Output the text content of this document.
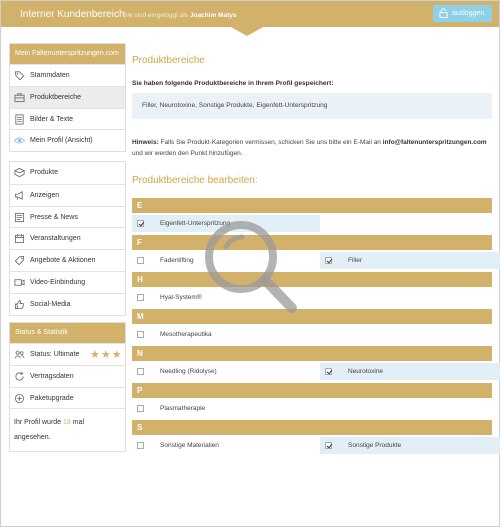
Interner Kundenbereich
Sie sind eingeloggt als Joachim Matys	ausloggen
Mein Faltenunterspritzungen.com
Stammdaten
Produktbereiche
Bilder & Texte
Mein Profil (Ansicht)
Produkte
Anzeigen
Presse & News
Veranstaltungen
Angebote & Aktionen
Video-Einbindung
Social-Media
Status & Statistik
Status: Ultimate ★★★
Vertragsdaten
Paketupgrade
Ihr Profil wurde 18 mal angesehen.
Produktbereiche
Sie haben folgende Produktbereiche in Ihrem Profil gespeichert:
Filler, Neurotoxine, Sonstige Produkte, Eigenfett-Unterspritzung
Hinweis: Falls Sie Produkt-Kategorien vermissen, schicken Sie uns bitte ein E-Mail an info@faltenunterspritzungen.com und wir werden den Punkt hinzufügen.
Produktbereiche bearbeiten:
E
Eigenfett-Unterspritzung
F
Fadenlifting	Filler
H
Hyal-System®
M
Mesotherapeutika
N
Needling (Ridolyse)	Neurotoxine
P
Plasmatherapie
S
Sonstige Materialien	Sonstige Produkte
